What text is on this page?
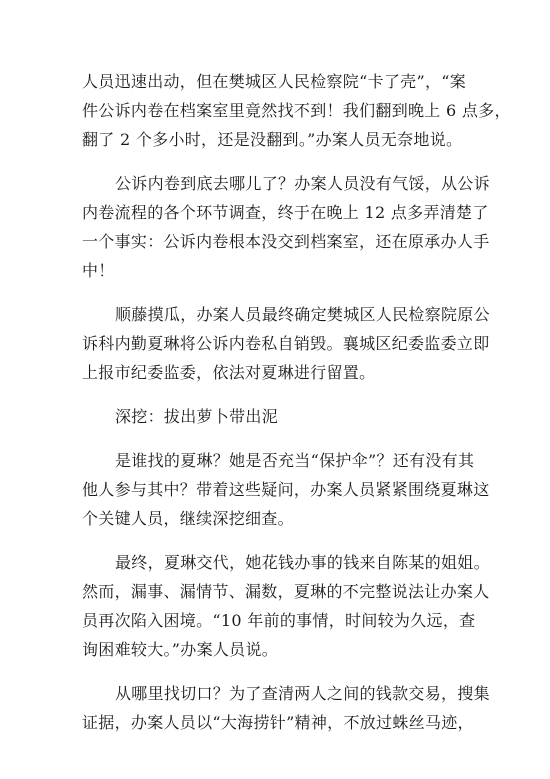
人员迅速出动，但在樊城区人民检察院“卡了壳”，“案
件公诉内卷在档案室里竟然找不到！我们翻到晚上 6 点多，
翻了 2 个多小时，还是没翻到。”办案人员无奈地说。
公诉内卷到底去哪儿了？办案人员没有气馁，从公诉
内卷流程的各个环节调查，终于在晚上 12 点多弄清楚了
一个事实：公诉内卷根本没交到档案室，还在原承办人手
中！
顺藤摸瓜，办案人员最终确定樊城区人民检察院原公
诉科内勤夏琳将公诉内卷私自销毁。襄城区纪委监委立即
上报市纪委监委，依法对夏琳进行留置。
深挖：拔出萝卜带出泥
是谁找的夏琳？她是否充当“保护伞”？还有没有其
他人参与其中？带着这些疑问，办案人员紧紧围绕夏琳这
个关键人员，继续深挖细查。
最终，夏琳交代，她花钱办事的钱来自陈某的姐姐。
然而，漏事、漏情节、漏数，夏琳的不完整说法让办案人
员再次陷入困境。“10 年前的事情，时间较为久远，查
询困难较大。”办案人员说。
从哪里找切口？为了查清两人之间的钱款交易，搜集
证据，办案人员以“大海捞针”精神，不放过蛛丝马迹，
